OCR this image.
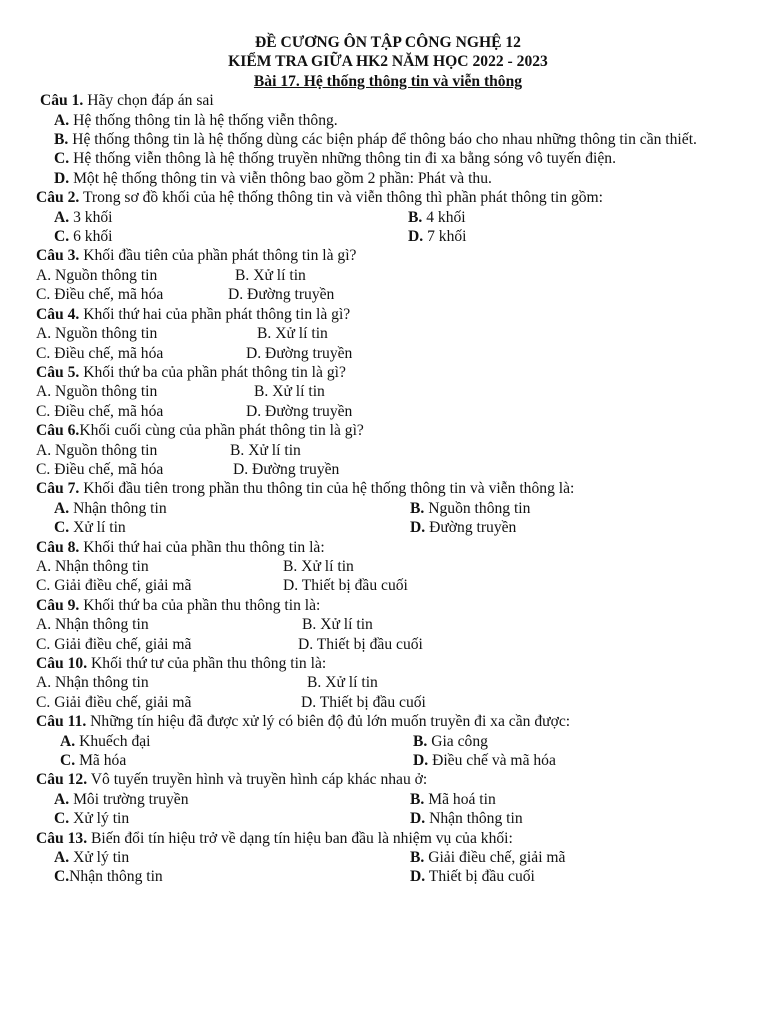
ĐỀ CƯƠNG ÔN TẬP CÔNG NGHỆ 12
KIỂM TRA GIỮA HK2 NĂM HỌC 2022 - 2023
Bài 17. Hệ thống thông tin và viễn thông
Câu 1. Hãy chọn đáp án sai
A. Hệ thống thông tin là hệ thống viễn thông.
B. Hệ thống thông tin là hệ thống dùng các biện pháp để thông báo cho nhau những thông tin cần thiết.
C. Hệ thống viễn thông là hệ thống truyền những thông tin đi xa bằng sóng vô tuyến điện.
D. Một hệ thống thông tin và viễn thông bao gồm 2 phần: Phát và thu.
Câu 2. Trong sơ đồ khối của hệ thống thông tin và viễn thông thì phần phát thông tin gồm:
A. 3 khối	B. 4 khối
C. 6 khối	D. 7 khối
Câu 3. Khối đầu tiên của phần phát thông tin là gì?
A. Nguồn thông tin	B. Xử lí tin
C. Điều chế, mã hóa	D. Đường truyền
Câu 4. Khối thứ hai của phần phát thông tin là gì?
A. Nguồn thông tin	B. Xử lí tin
C. Điều chế, mã hóa	D. Đường truyền
Câu 5. Khối thứ ba của phần phát thông tin là gì?
A. Nguồn thông tin	B. Xử lí tin
C. Điều chế, mã hóa	D. Đường truyền
Câu 6.Khối cuối cùng của phần phát thông tin là gì?
A. Nguồn thông tin	B. Xử lí tin
C. Điều chế, mã hóa	D. Đường truyền
Câu 7. Khối đầu tiên trong phần thu thông tin của hệ thống thông tin và viễn thông là:
A. Nhận thông tin	B. Nguồn thông tin
C. Xử lí tin	D. Đường truyền
Câu 8. Khối thứ hai của phần thu thông tin là:
A. Nhận thông tin	B. Xử lí tin
C. Giải điều chế, giải mã	D. Thiết bị đầu cuối
Câu 9. Khối thứ ba của phần thu thông tin là:
A. Nhận thông tin	B. Xử lí tin
C. Giải điều chế, giải mã	D. Thiết bị đầu cuối
Câu 10. Khối thứ tư của phần thu thông tin là:
A. Nhận thông tin	B. Xử lí tin
C. Giải điều chế, giải mã	D. Thiết bị đầu cuối
Câu 11. Những tín hiệu đã được xử lý có biên độ đủ lớn muốn truyền đi xa cần được:
A. Khuếch đại	B. Gia công
C. Mã hóa	D. Điều chế và mã hóa
Câu 12. Vô tuyến truyền hình và truyền hình cáp khác nhau ở:
A. Môi trường truyền	B. Mã hoá tin
C. Xử lý tin	D. Nhận thông tin
Câu 13. Biến đổi tín hiệu trở về dạng tín hiệu ban đầu là nhiệm vụ của khối:
A. Xử lý tin	B. Giải điều chế, giải mã
C.Nhận thông tin	D. Thiết bị đầu cuối
